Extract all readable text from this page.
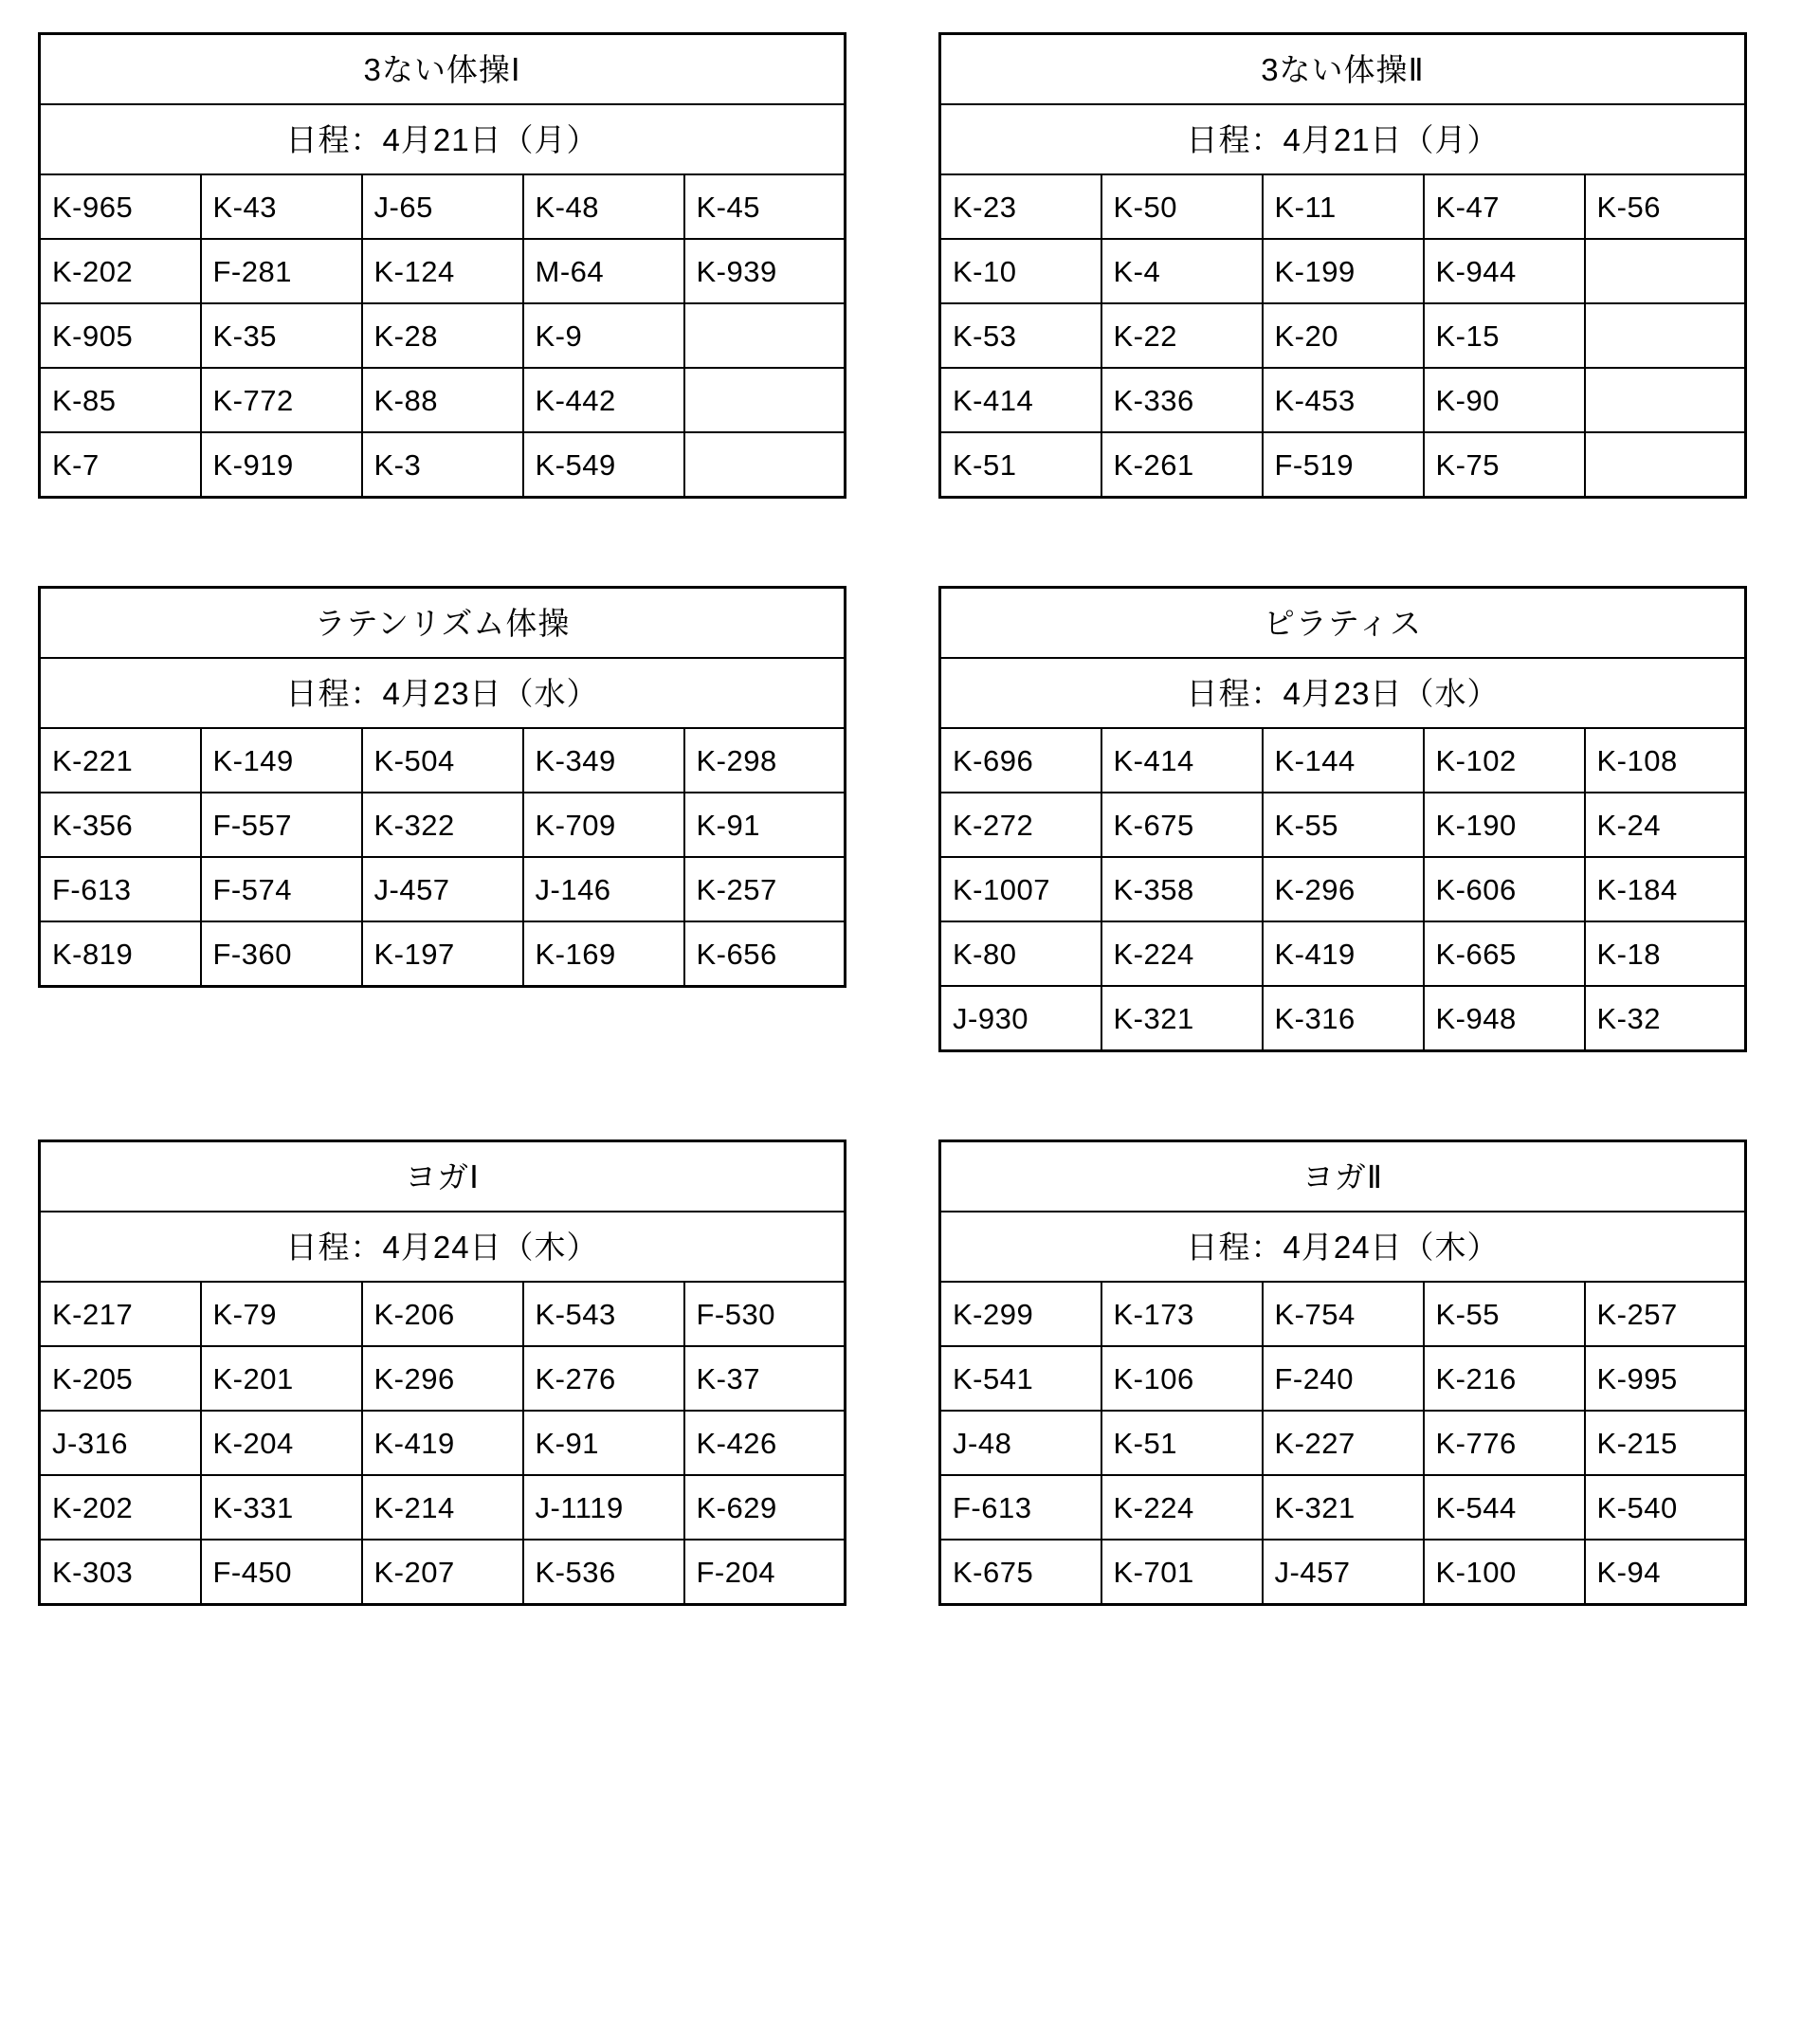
3ない体操Ⅰ				
日程：4月21日（月）				
K-965	K-43	J-65	K-48	K-45
K-202	F-281	K-124	M-64	K-939
K-905	K-35	K-28	K-9	
K-85	K-772	K-88	K-442	
K-7	K-919	K-3	K-549	
3ない体操Ⅱ				
日程：4月21日（月）				
K-23	K-50	K-11	K-47	K-56
K-10	K-4	K-199	K-944	
K-53	K-22	K-20	K-15	
K-414	K-336	K-453	K-90	
K-51	K-261	F-519	K-75	
ラテンリズム体操				
日程：4月23日（水）				
K-221	K-149	K-504	K-349	K-298
K-356	F-557	K-322	K-709	K-91
F-613	F-574	J-457	J-146	K-257
K-819	F-360	K-197	K-169	K-656
ピラティス				
日程：4月23日（水）				
K-696	K-414	K-144	K-102	K-108
K-272	K-675	K-55	K-190	K-24
K-1007	K-358	K-296	K-606	K-184
K-80	K-224	K-419	K-665	K-18
J-930	K-321	K-316	K-948	K-32
ヨガⅠ				
日程：4月24日（木）				
K-217	K-79	K-206	K-543	F-530
K-205	K-201	K-296	K-276	K-37
J-316	K-204	K-419	K-91	K-426
K-202	K-331	K-214	J-1119	K-629
K-303	F-450	K-207	K-536	F-204
ヨガⅡ				
日程：4月24日（木）				
K-299	K-173	K-754	K-55	K-257
K-541	K-106	F-240	K-216	K-995
J-48	K-51	K-227	K-776	K-215
F-613	K-224	K-321	K-544	K-540
K-675	K-701	J-457	K-100	K-94
